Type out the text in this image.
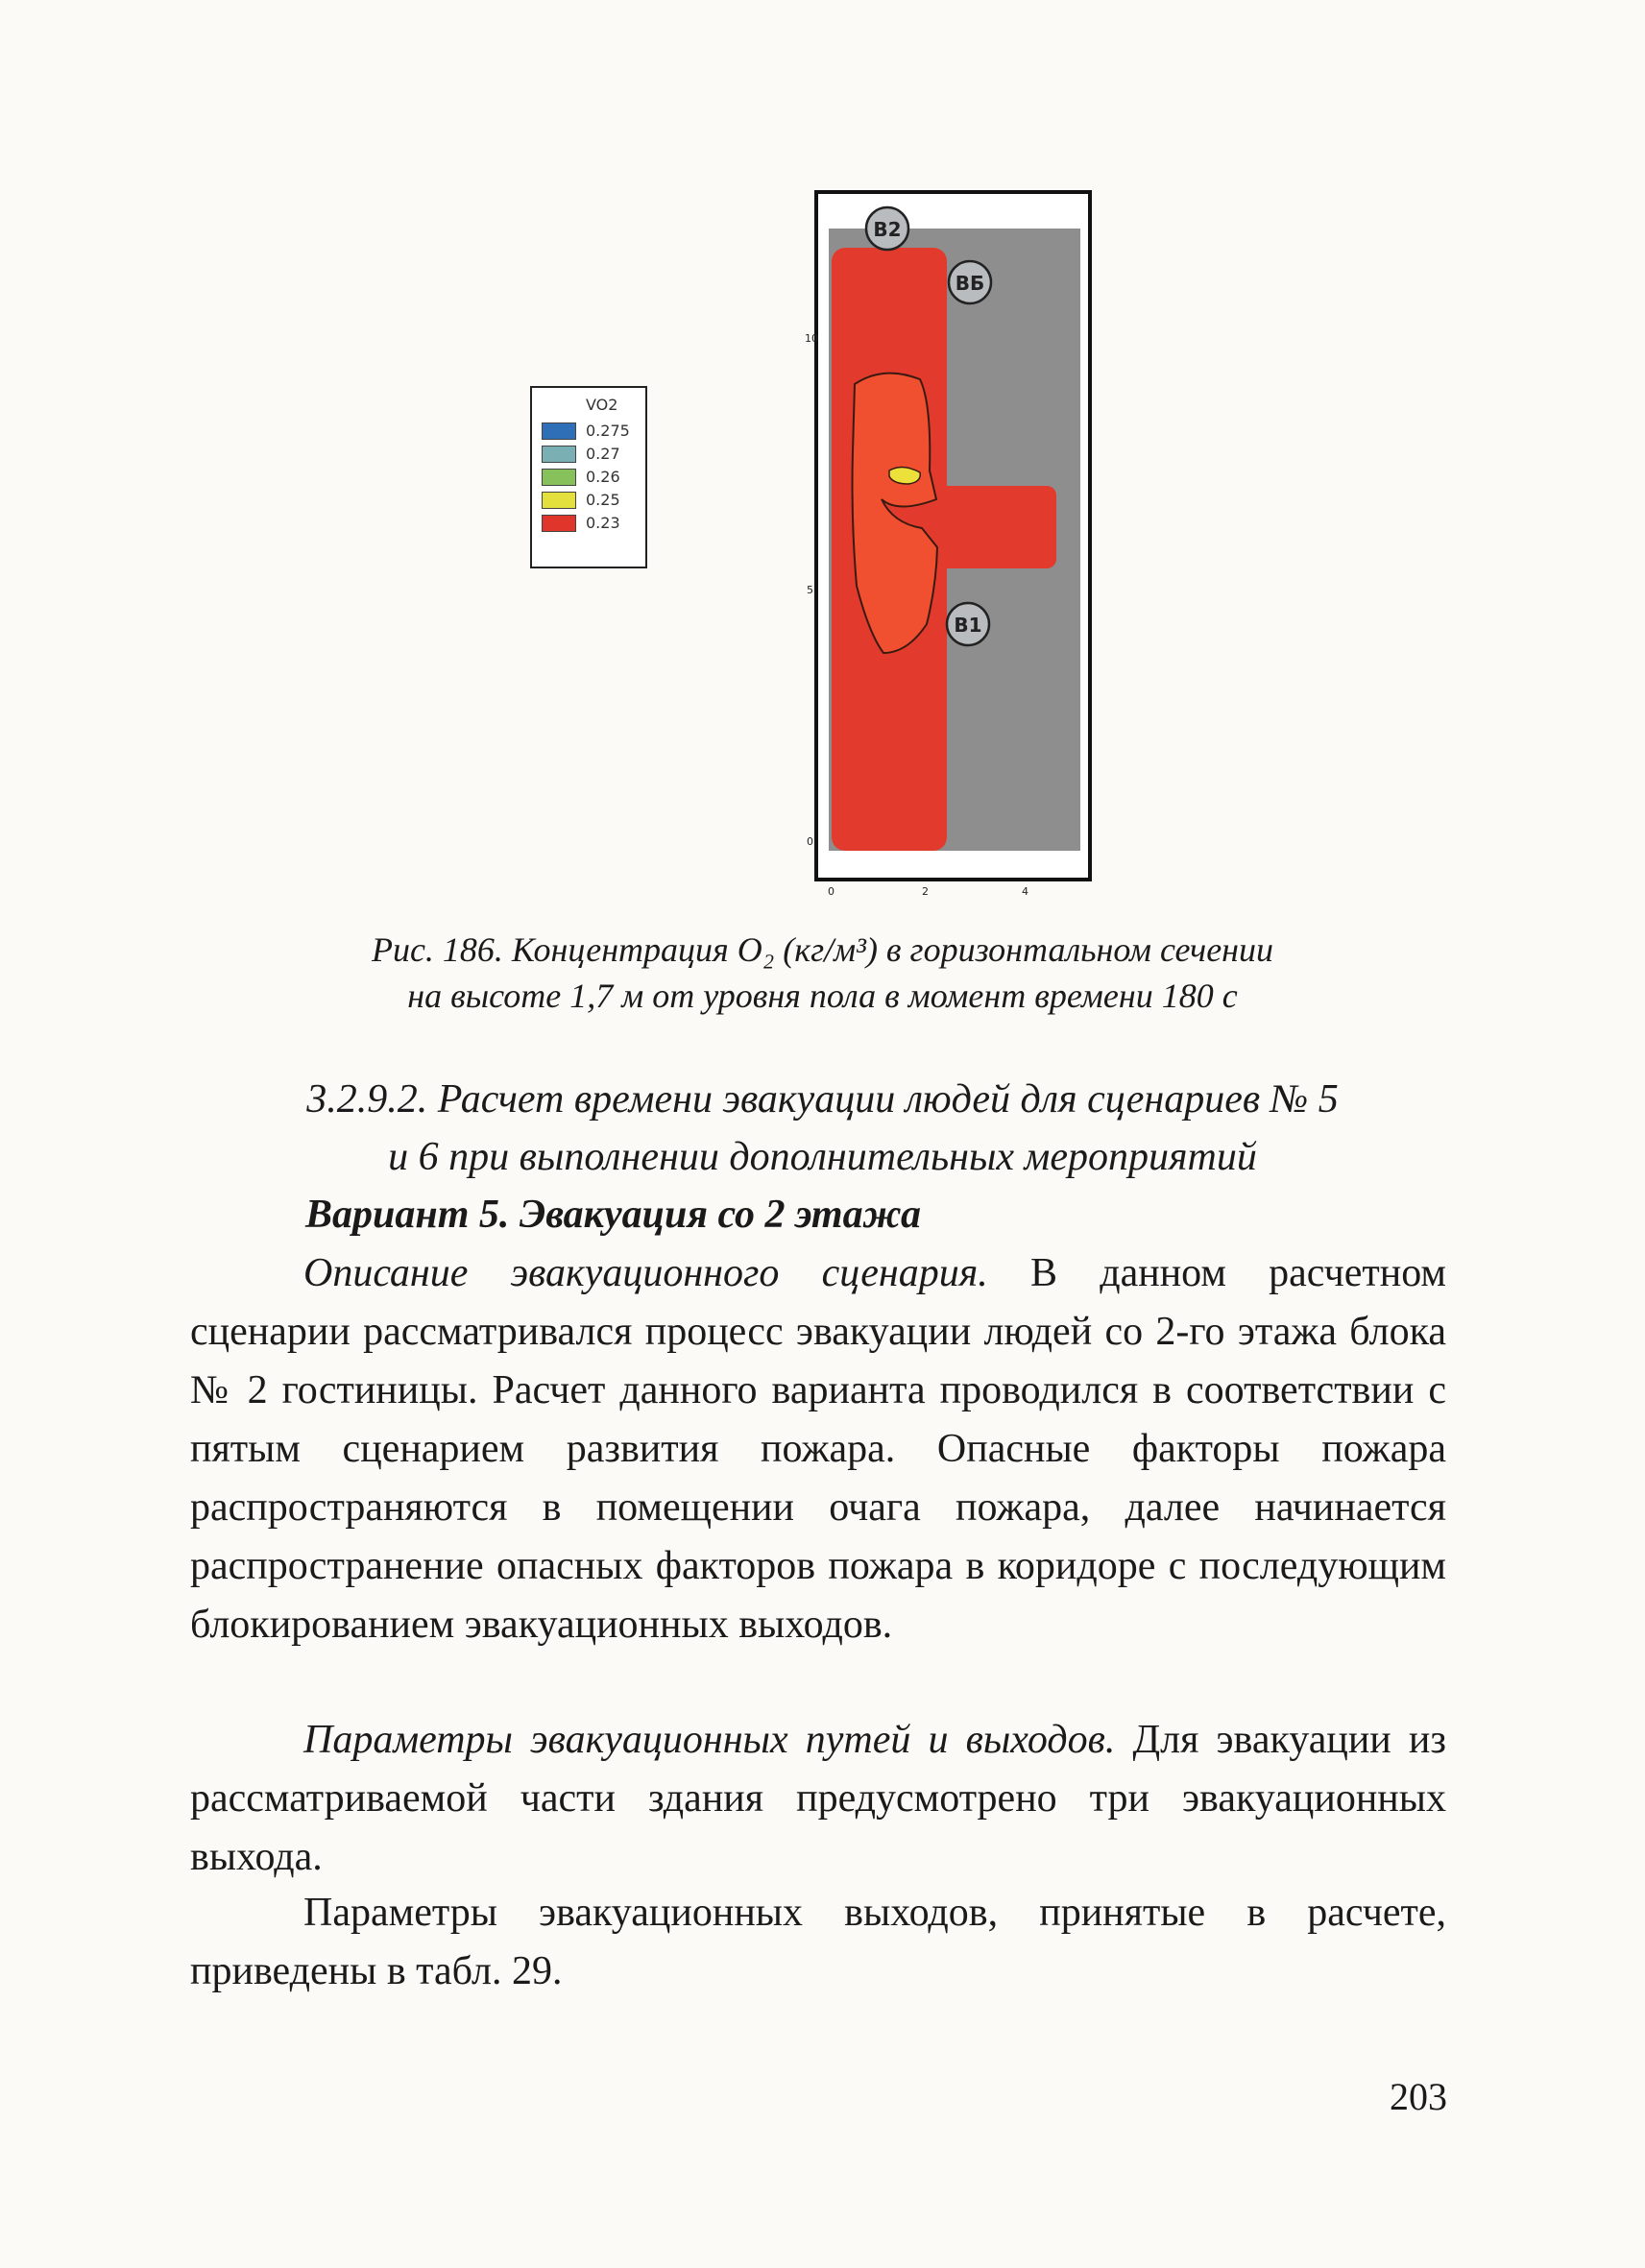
VO2
0.275
0.27
0.26
0.25
0.23
B2
ВБ
B1
10
5
0
0	2	4
Рис. 186. Концентрация O₂ (кг/м³) в горизонтальном сечении
на высоте 1,7 м от уровня пола в момент времени 180 с
3.2.9.2. Расчет времени эвакуации людей для сценариев № 5
и 6 при выполнении дополнительных мероприятий
Вариант 5. Эвакуация со 2 этажа
Описание эвакуационного сценария. В данном расчетном сценарии рассматривался процесс эвакуации людей со 2-го этажа блока № 2 гостиницы. Расчет данного варианта проводился в соответствии с пятым сценарием развития пожара. Опасные факторы пожара распространяются в помещении очага пожара, далее начинается распространение опасных факторов пожара в коридоре с последующим блокированием эвакуационных выходов.
Параметры эвакуационных путей и выходов. Для эвакуации из рассматриваемой части здания предусмотрено три эвакуационных выхода.
Параметры эвакуационных выходов, принятые в расчете, приведены в табл. 29.
203
